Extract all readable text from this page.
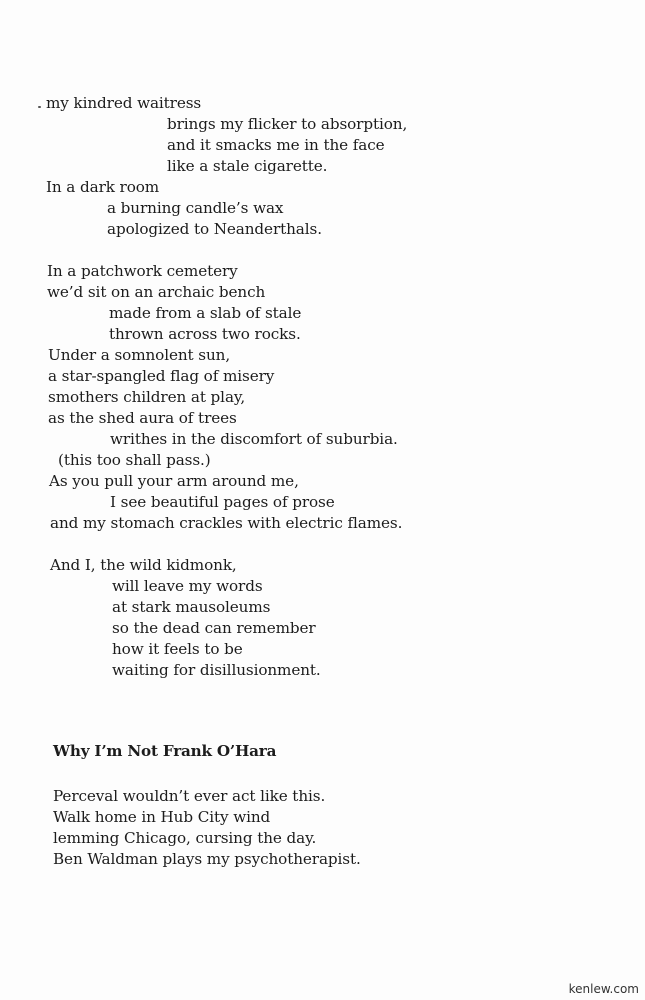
my kindred waitress
brings my flicker to absorption,
and it smacks me in the face
like a stale cigarette.
In a dark room
a burning candle’s wax
apologized to Neanderthals.
In a patchwork cemetery
we’d sit on an archaic bench
made from a slab of stale
thrown across two rocks.
Under a somnolent sun,
a star-spangled flag of misery
smothers children at play,
as the shed aura of trees
writhes in the discomfort of suburbia.
(this too shall pass.)
As you pull your arm around me,
I see beautiful pages of prose
and my stomach crackles with electric flames.
And I, the wild kidmonk,
will leave my words
at stark mausoleums
so the dead can remember
how it feels to be
waiting for disillusionment.
Why I’m Not Frank O’Hara
Perceval wouldn’t ever act like this.
Walk home in Hub City wind
lemming Chicago, cursing the day.
Ben Waldman plays my psychotherapist.
kenlew.com
